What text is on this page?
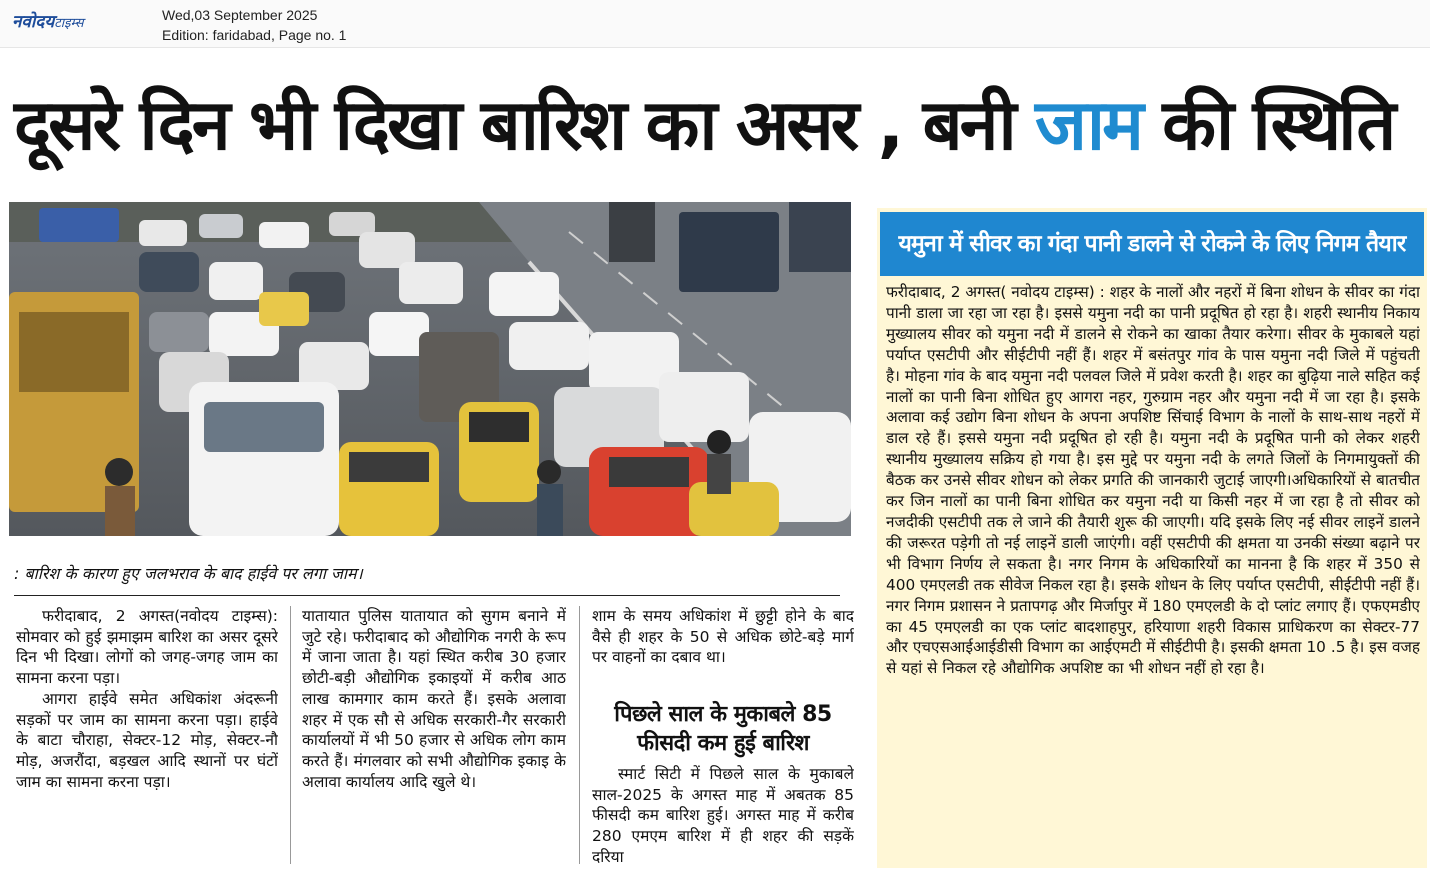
नवोदयटाइम्स
Wed,03 September 2025
Edition: faridabad, Page no. 1
दूसरे दिन भी दिखा बारिश का असर , बनी जाम की स्थिति
: बारिश के कारण हुए जलभराव के बाद हाईवे पर लगा जाम।

फरीदाबाद, 2 अगस्त(नवोदय टाइम्स): सोमवार को हुई झमाझम बारिश का असर दूसरे दिन भी दिखा। लोगों को जगह-जगह जाम का सामना करना पड़ा।

आगरा हाईवे समेत अधिकांश अंदरूनी सड़कों पर जाम का सामना करना पड़ा। हाईवे के बाटा चौराहा, सेक्टर-12 मोड़, सेक्टर-नौ मोड़, अजरौंदा, बड़खल आदि स्थानों पर घंटों जाम का सामना करना पड़ा।

यातायात पुलिस यातायात को सुगम बनाने में जुटे रहे। फरीदाबाद को औद्योगिक नगरी के रूप में जाना जाता है। यहां स्थित करीब 30 हजार छोटी-बड़ी औद्योगिक इकाइयों में करीब आठ लाख कामगार काम करते हैं। इसके अलावा शहर में एक सौ से अधिक सरकारी-गैर सरकारी कार्यालयों में भी 50 हजार से अधिक लोग काम करते हैं। मंगलवार को सभी औद्योगिक इकाइ के अलावा कार्यालय आदि खुले थे।

शाम के समय अधिकांश में छुट्टी होने के बाद वैसे ही शहर के 50 से अधिक छोटे-बड़े मार्ग पर वाहनों का दबाव था।

पिछले साल के मुकाबले 85 फीसदी कम हुई बारिश

स्मार्ट सिटी में पिछले साल के मुकाबले साल-2025 के अगस्त माह में अबतक 85 फीसदी कम बारिश हुई। अगस्त माह में करीब 280 एमएम बारिश में ही शहर की सड़कें दरिया

यमुना में सीवर का गंदा पानी डालने से रोकने के लिए निगम तैयार
फरीदाबाद, 2 अगस्त( नवोदय टाइम्स) : शहर के नालों और नहरों में बिना शोधन के सीवर का गंदा पानी डाला जा रहा जा रहा है। इससे यमुना नदी का पानी प्रदूषित हो रहा है। शहरी स्थानीय निकाय मुख्यालय सीवर को यमुना नदी में डालने से रोकने का खाका तैयार करेगा। सीवर के मुकाबले यहां पर्याप्त एसटीपी और सीईटीपी नहीं हैं। शहर में बसंतपुर गांव के पास यमुना नदी जिले में पहुंचती है। मोहना गांव के बाद यमुना नदी पलवल जिले में प्रवेश करती है। शहर का बुढ़िया नाले सहित कई नालों का पानी बिना शोधित हुए आगरा नहर, गुरुग्राम नहर और यमुना नदी में जा रहा है। इसके अलावा कई उद्योग बिना शोधन के अपना अपशिष्ट सिंचाई विभाग के नालों के साथ-साथ नहरों में डाल रहे हैं। इससे यमुना नदी प्रदूषित हो रही है। यमुना नदी के प्रदूषित पानी को लेकर शहरी स्थानीय मुख्यालय सक्रिय हो गया है। इस मुद्दे पर यमुना नदी के लगते जिलों के निगमायुक्तों की बैठक कर उनसे सीवर शोधन को लेकर प्रगति की जानकारी जुटाई जाएगी।अधिकारियों से बातचीत कर जिन नालों का पानी बिना शोधित कर यमुना नदी या किसी नहर में जा रहा है तो सीवर को नजदीकी एसटीपी तक ले जाने की तैयारी शुरू की जाएगी। यदि इसके लिए नई सीवर लाइनें डालने की जरूरत पड़ेगी तो नई लाइनें डाली जाएंगी। वहीं एसटीपी की क्षमता या उनकी संख्या बढ़ाने पर भी विभाग निर्णय ले सकता है। नगर निगम के अधिकारियों का मानना है कि शहर में 350 से 400 एमएलडी तक सीवेज निकल रहा है। इसके शोधन के लिए पर्याप्त एसटीपी, सीईटीपी नहीं हैं। नगर निगम प्रशासन ने प्रतापगढ़ और मिर्जापुर में 180 एमएलडी के दो प्लांट लगाए हैं। एफएमडीए का 45 एमएलडी का एक प्लांट बादशाहपुर, हरियाणा शहरी विकास प्राधिकरण का सेक्टर-77 और एचएसआईआईडीसी विभाग का आईएमटी में सीईटीपी है। इसकी क्षमता 10 .5 है। इस वजह से यहां से निकल रहे औद्योगिक अपशिष्ट का भी शोधन नहीं हो रहा है।
